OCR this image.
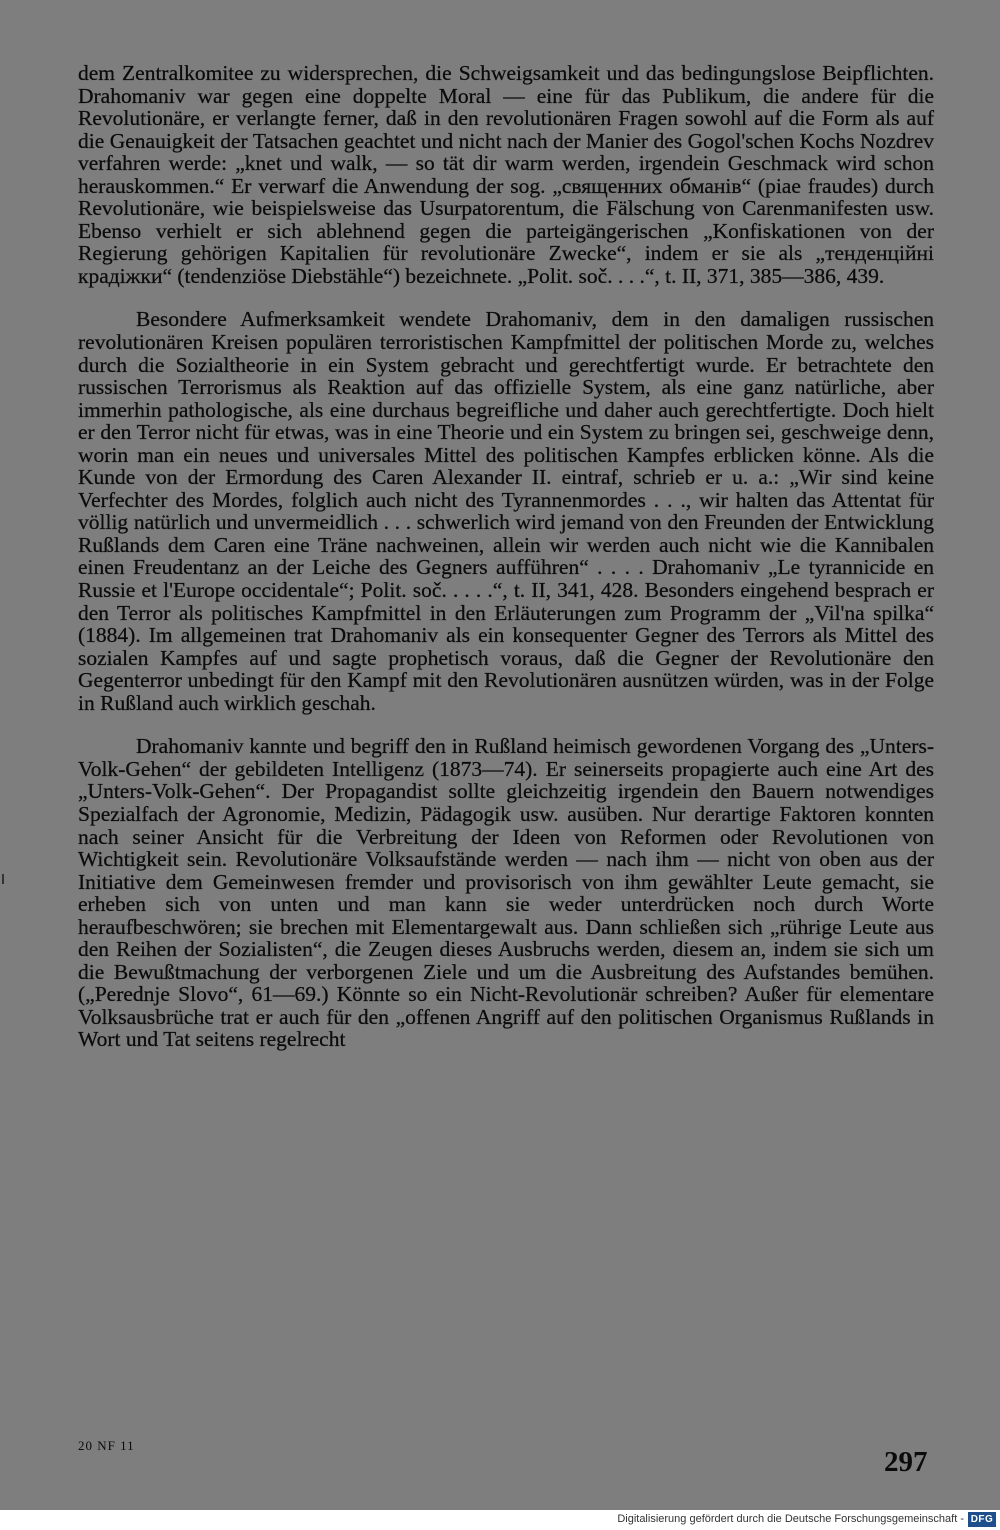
dem Zentralkomitee zu widersprechen, die Schweigsamkeit und das bedingungslose Beipflichten. Drahomaniv war gegen eine doppelte Moral — eine für das Publikum, die andere für die Revolutionäre, er verlangte ferner, daß in den revolutionären Fragen sowohl auf die Form als auf die Genauigkeit der Tatsachen geachtet und nicht nach der Manier des Gogol'schen Kochs Nozdrev verfahren werde: „knet und walk, — so tät dir warm werden, irgendein Geschmack wird schon herauskommen.“ Er verwarf die Anwendung der sog. „священних обманів“ (piae fraudes) durch Revolutionäre, wie beispielsweise das Usurpatorentum, die Fälschung von Carenmanifesten usw. Ebenso verhielt er sich ablehnend gegen die parteigängerischen „Konfiskationen von der Regierung gehörigen Kapitalien für revolutionäre Zwecke“, indem er sie als „тенденційні крадіжки“ (tendenziöse Diebstähle“) bezeichnete. „Polit. soč. . . .“, t. II, 371, 385—386, 439.

Besondere Aufmerksamkeit wendete Drahomaniv, dem in den damaligen russischen revolutionären Kreisen populären terroristischen Kampfmittel der politischen Morde zu, welches durch die Sozialtheorie in ein System gebracht und gerechtfertigt wurde. Er betrachtete den russischen Terrorismus als Reaktion auf das offizielle System, als eine ganz natürliche, aber immerhin pathologische, als eine durchaus begreifliche und daher auch gerechtfertigte. Doch hielt er den Terror nicht für etwas, was in eine Theorie und ein System zu bringen sei, geschweige denn, worin man ein neues und universales Mittel des politischen Kampfes erblicken könne. Als die Kunde von der Ermordung des Caren Alexander II. eintraf, schrieb er u. a.: „Wir sind keine Verfechter des Mordes, folglich auch nicht des Tyrannenmordes . . ., wir halten das Attentat für völlig natürlich und unvermeidlich . . . schwerlich wird jemand von den Freunden der Entwicklung Rußlands dem Caren eine Träne nachweinen, allein wir werden auch nicht wie die Kannibalen einen Freudentanz an der Leiche des Gegners aufführen“ . . . . Drahomaniv „Le tyrannicide en Russie et l'Europe occidentale“; Polit. soč. . . . .“, t. II, 341, 428. Besonders eingehend besprach er den Terror als politisches Kampfmittel in den Erläuterungen zum Programm der „Vil'na spilka“ (1884). Im allgemeinen trat Drahomaniv als ein konsequenter Gegner des Terrors als Mittel des sozialen Kampfes auf und sagte prophetisch voraus, daß die Gegner der Revolutionäre den Gegenterror unbedingt für den Kampf mit den Revolutionären ausnützen würden, was in der Folge in Rußland auch wirklich geschah.

Drahomaniv kannte und begriff den in Rußland heimisch gewordenen Vorgang des „Unters-Volk-Gehen“ der gebildeten Intelligenz (1873—74). Er seinerseits propagierte auch eine Art des „Unters-Volk-Gehen“. Der Propagandist sollte gleichzeitig irgendein den Bauern notwendiges Spezialfach der Agronomie, Medizin, Pädagogik usw. ausüben. Nur derartige Faktoren konnten nach seiner Ansicht für die Verbreitung der Ideen von Reformen oder Revolutionen von Wichtigkeit sein. Revolutionäre Volksaufstände werden — nach ihm — nicht von oben aus der Initiative dem Gemeinwesen fremder und provisorisch von ihm gewählter Leute gemacht, sie erheben sich von unten und man kann sie weder unterdrücken noch durch Worte heraufbeschwören; sie brechen mit Elementargewalt aus. Dann schließen sich „rührige Leute aus den Reihen der Sozialisten“, die Zeugen dieses Ausbruchs werden, diesem an, indem sie sich um die Bewußtmachung der verborgenen Ziele und um die Ausbreitung des Aufstandes bemühen. („Perednje Slovo“, 61—69.) Könnte so ein Nicht-Revolutionär schreiben? Außer für elementare Volksausbrüche trat er auch für den „offenen Angriff auf den politischen Organismus Rußlands in Wort und Tat seitens regelrecht

20 NF 11
297
Digitalisierung gefördert durch die Deutsche Forschungsgemeinschaft - DFG
